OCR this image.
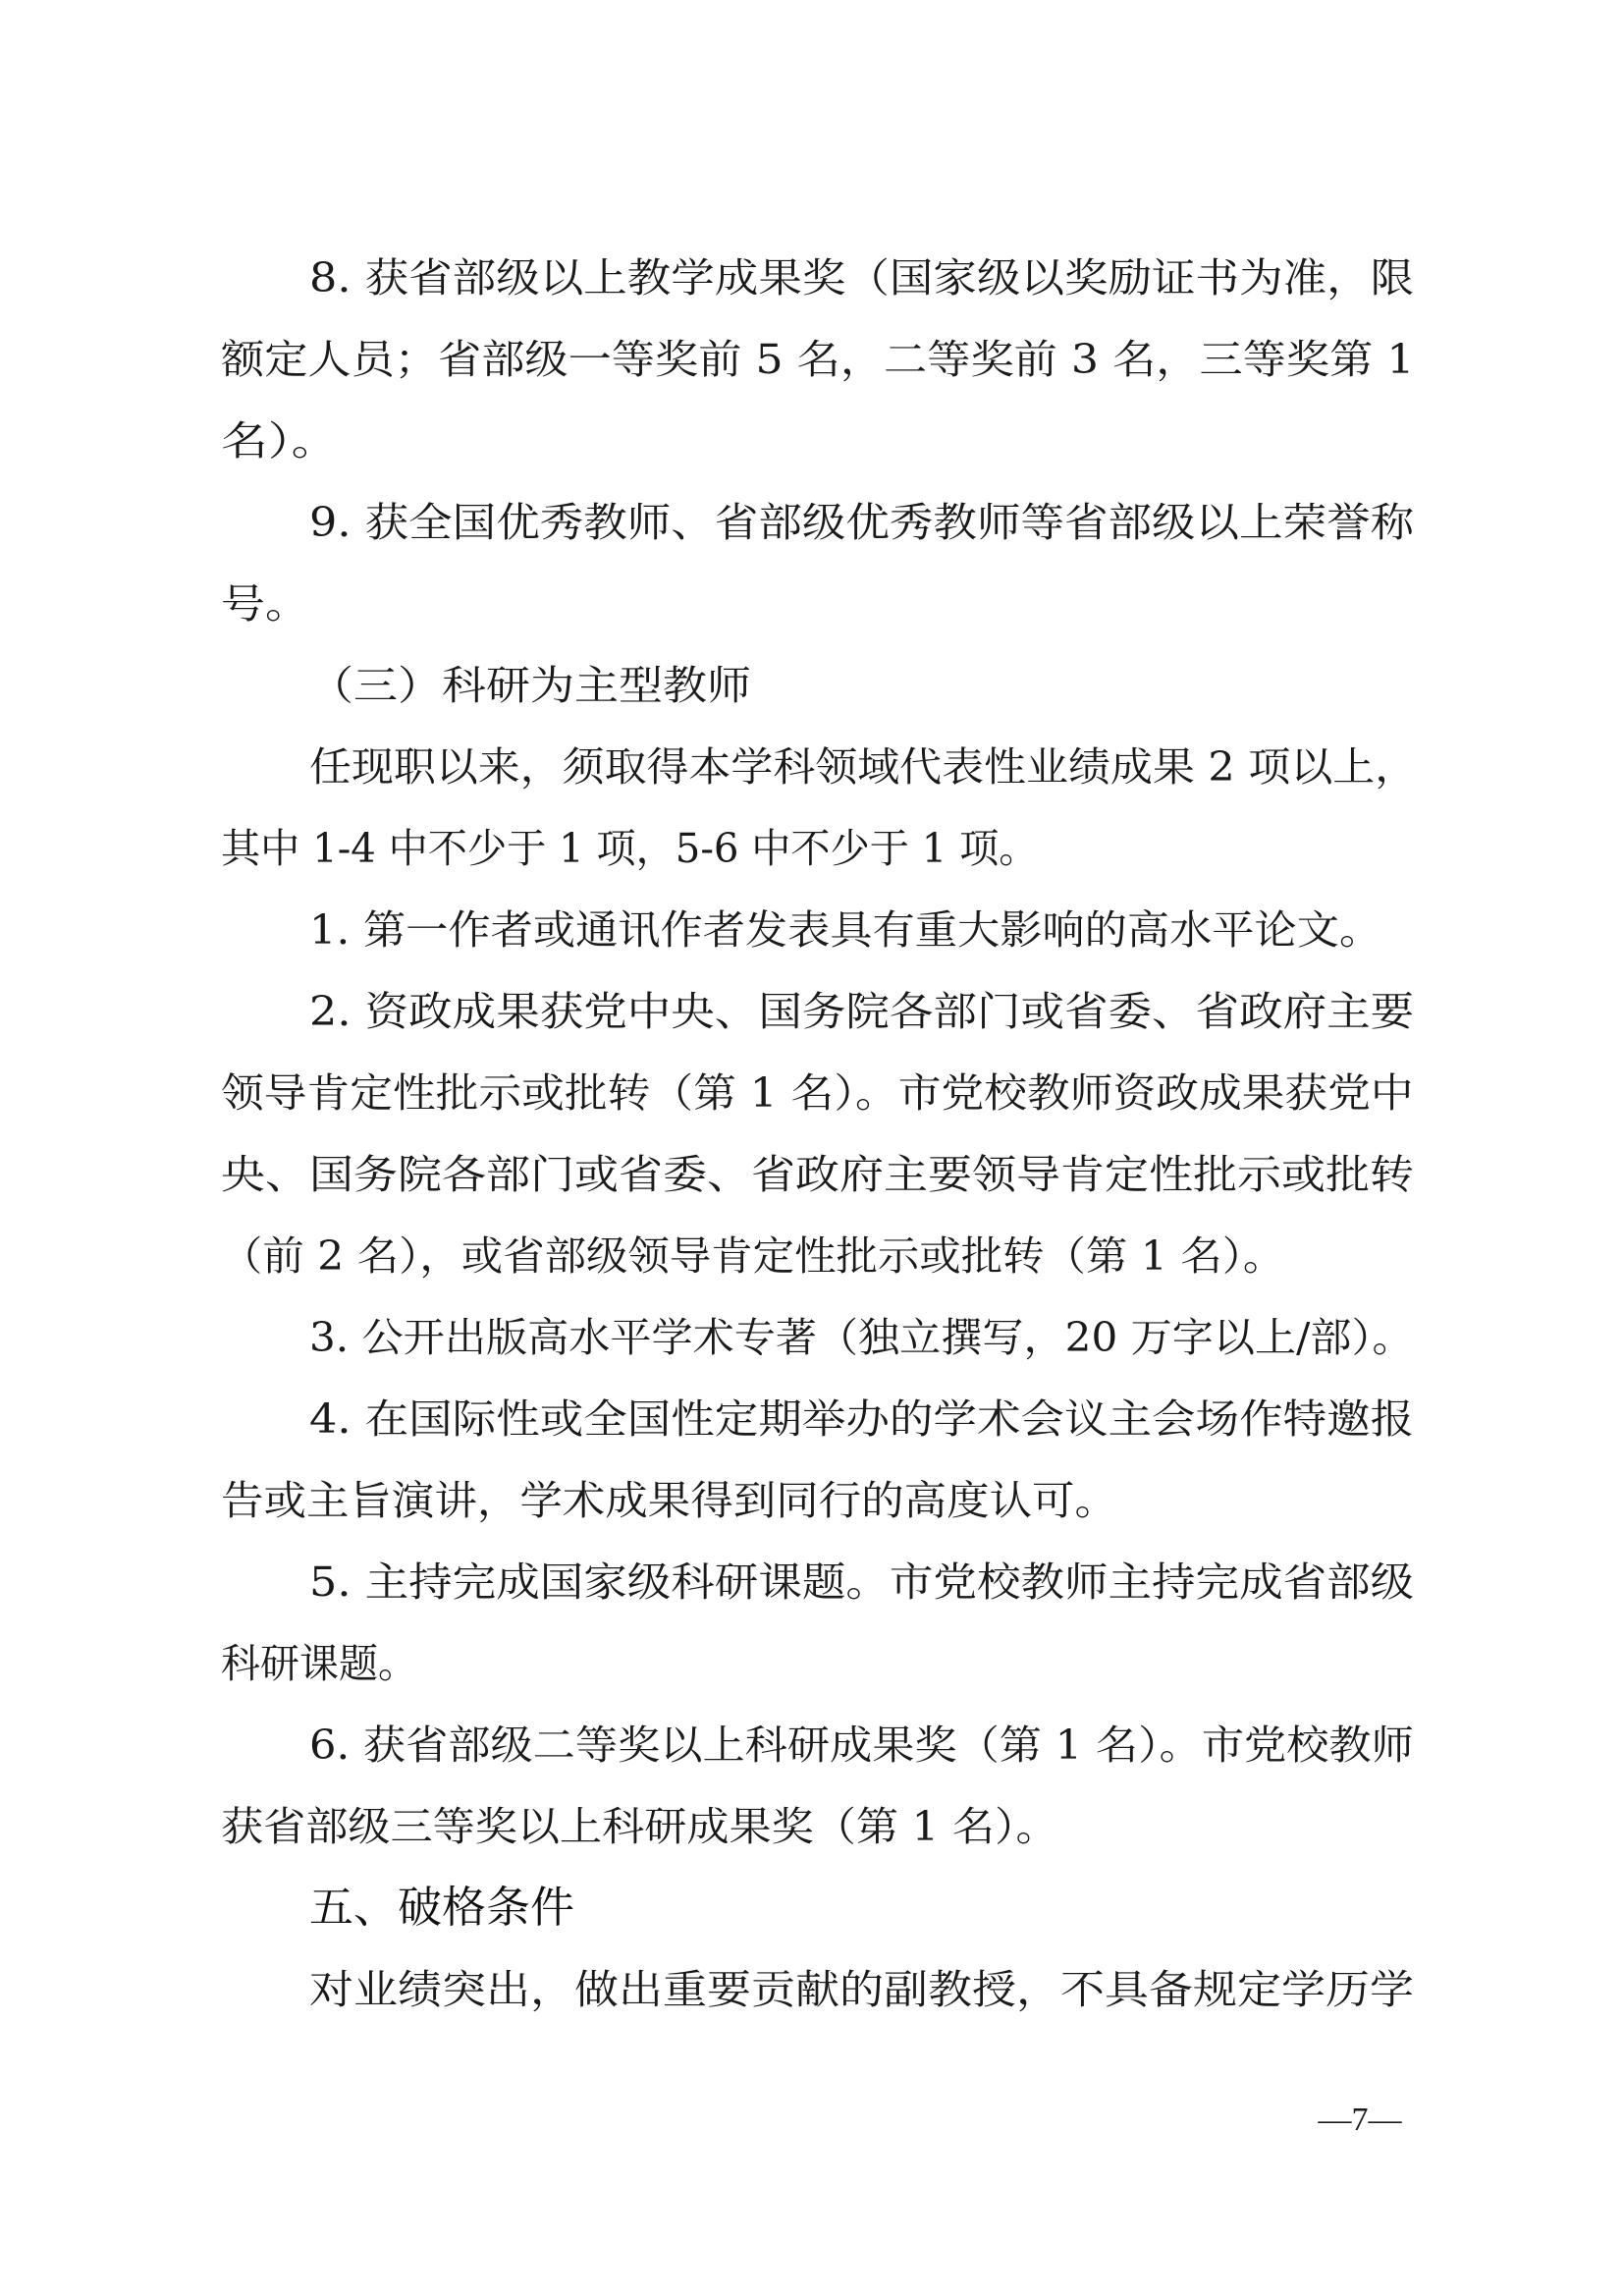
8. 获省部级以上教学成果奖（国家级以奖励证书为准，限
额定人员；省部级一等奖前 5 名，二等奖前 3 名，三等奖第 1
名）。
9. 获全国优秀教师、省部级优秀教师等省部级以上荣誉称
号。
（三）科研为主型教师
任现职以来，须取得本学科领域代表性业绩成果 2 项以上，
其中 1-4 中不少于 1 项，5-6 中不少于 1 项。
1. 第一作者或通讯作者发表具有重大影响的高水平论文。
2. 资政成果获党中央、国务院各部门或省委、省政府主要
领导肯定性批示或批转（第 1 名）。市党校教师资政成果获党中
央、国务院各部门或省委、省政府主要领导肯定性批示或批转
（前 2 名），或省部级领导肯定性批示或批转（第 1 名）。
3. 公开出版高水平学术专著（独立撰写，20 万字以上/部）。
4. 在国际性或全国性定期举办的学术会议主会场作特邀报
告或主旨演讲，学术成果得到同行的高度认可。
5. 主持完成国家级科研课题。市党校教师主持完成省部级
科研课题。
6. 获省部级二等奖以上科研成果奖（第 1 名）。市党校教师
获省部级三等奖以上科研成果奖（第 1 名）。
五、破格条件
对业绩突出，做出重要贡献的副教授，不具备规定学历学
—7—
